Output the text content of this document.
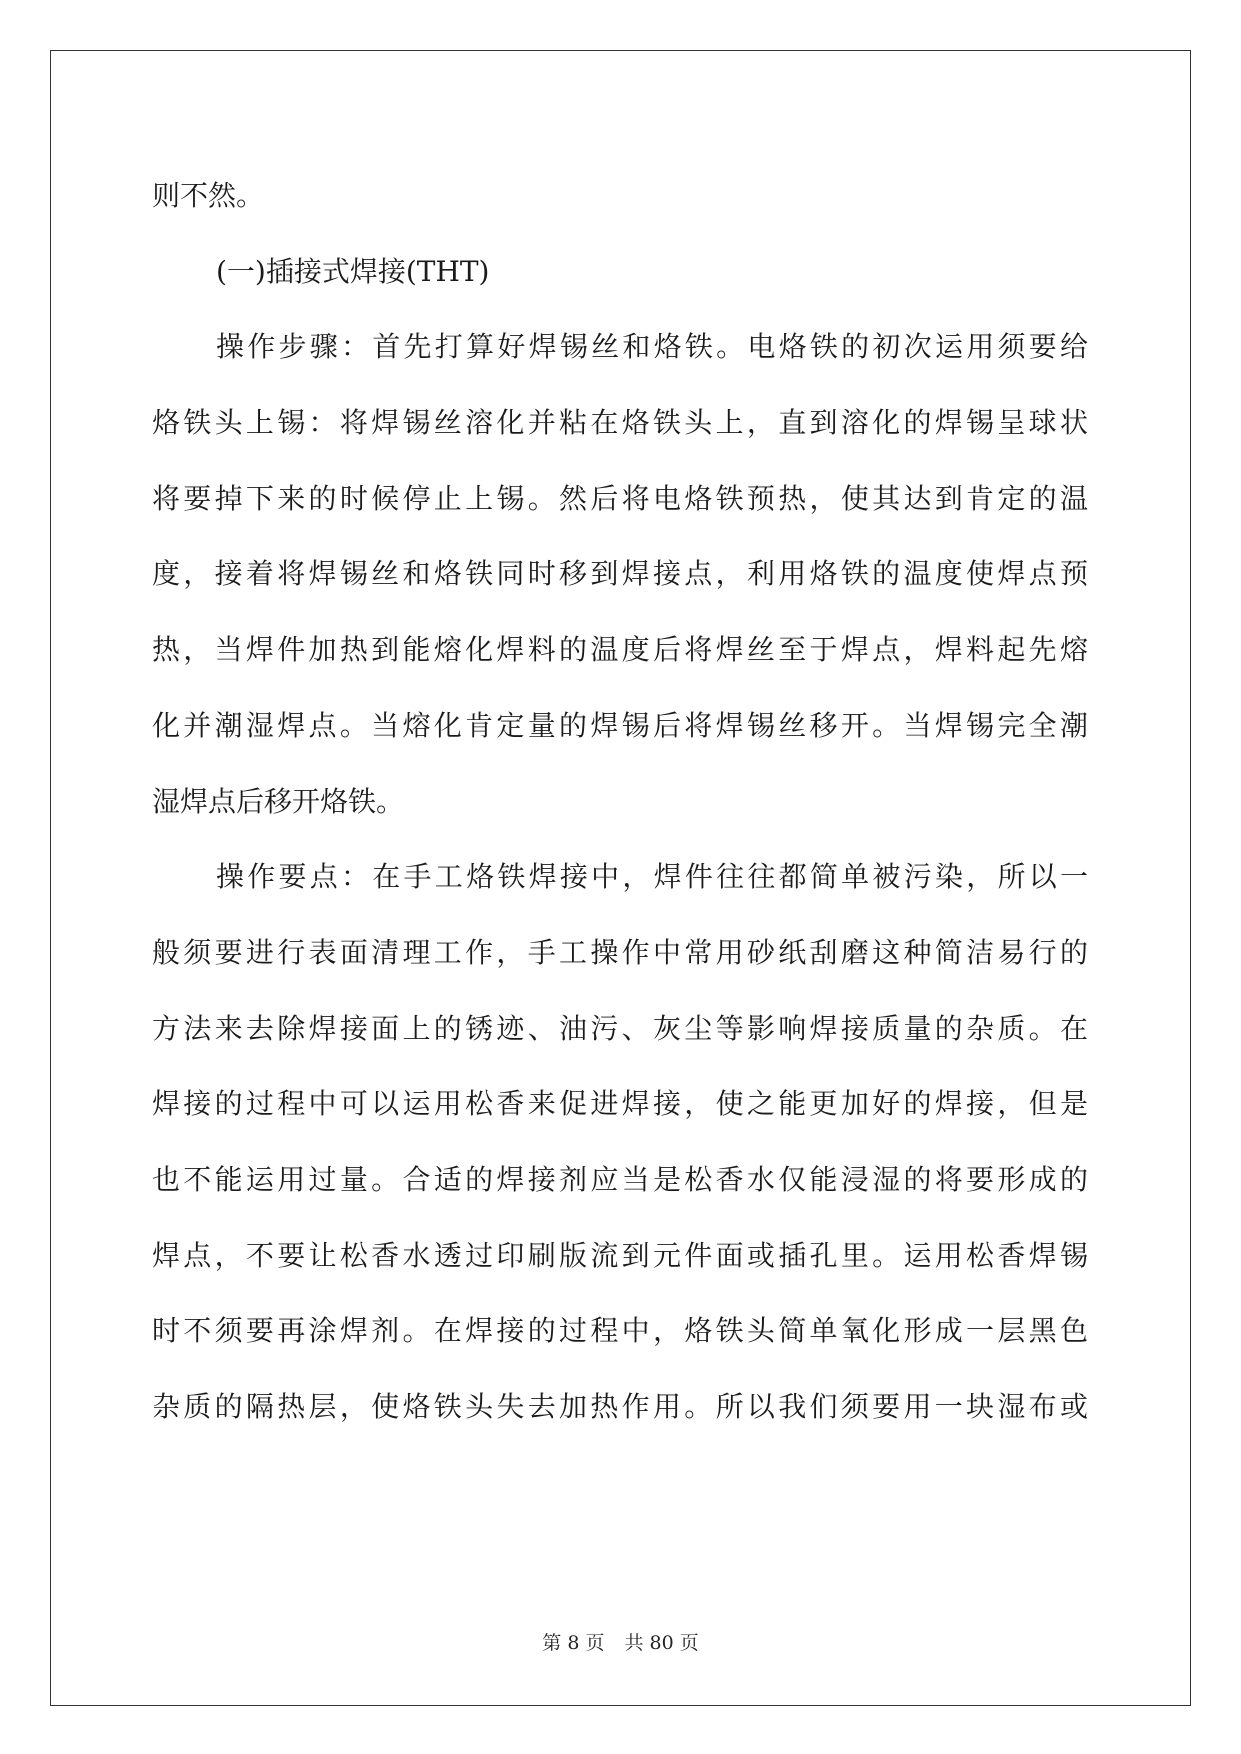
则不然。
(一)插接式焊接(THT)
操作步骤：首先打算好焊锡丝和烙铁。电烙铁的初次运用须要给
烙铁头上锡：将焊锡丝溶化并粘在烙铁头上，直到溶化的焊锡呈球状
将要掉下来的时候停止上锡。然后将电烙铁预热，使其达到肯定的温
度，接着将焊锡丝和烙铁同时移到焊接点，利用烙铁的温度使焊点预
热，当焊件加热到能熔化焊料的温度后将焊丝至于焊点，焊料起先熔
化并潮湿焊点。当熔化肯定量的焊锡后将焊锡丝移开。当焊锡完全潮
湿焊点后移开烙铁。
操作要点：在手工烙铁焊接中，焊件往往都简单被污染，所以一
般须要进行表面清理工作，手工操作中常用砂纸刮磨这种简洁易行的
方法来去除焊接面上的锈迹、油污、灰尘等影响焊接质量的杂质。在
焊接的过程中可以运用松香来促进焊接，使之能更加好的焊接，但是
也不能运用过量。合适的焊接剂应当是松香水仅能浸湿的将要形成的
焊点，不要让松香水透过印刷版流到元件面或插孔里。运用松香焊锡
时不须要再涂焊剂。在焊接的过程中，烙铁头简单氧化形成一层黑色
杂质的隔热层，使烙铁头失去加热作用。所以我们须要用一块湿布或
第 8 页 共 80 页
